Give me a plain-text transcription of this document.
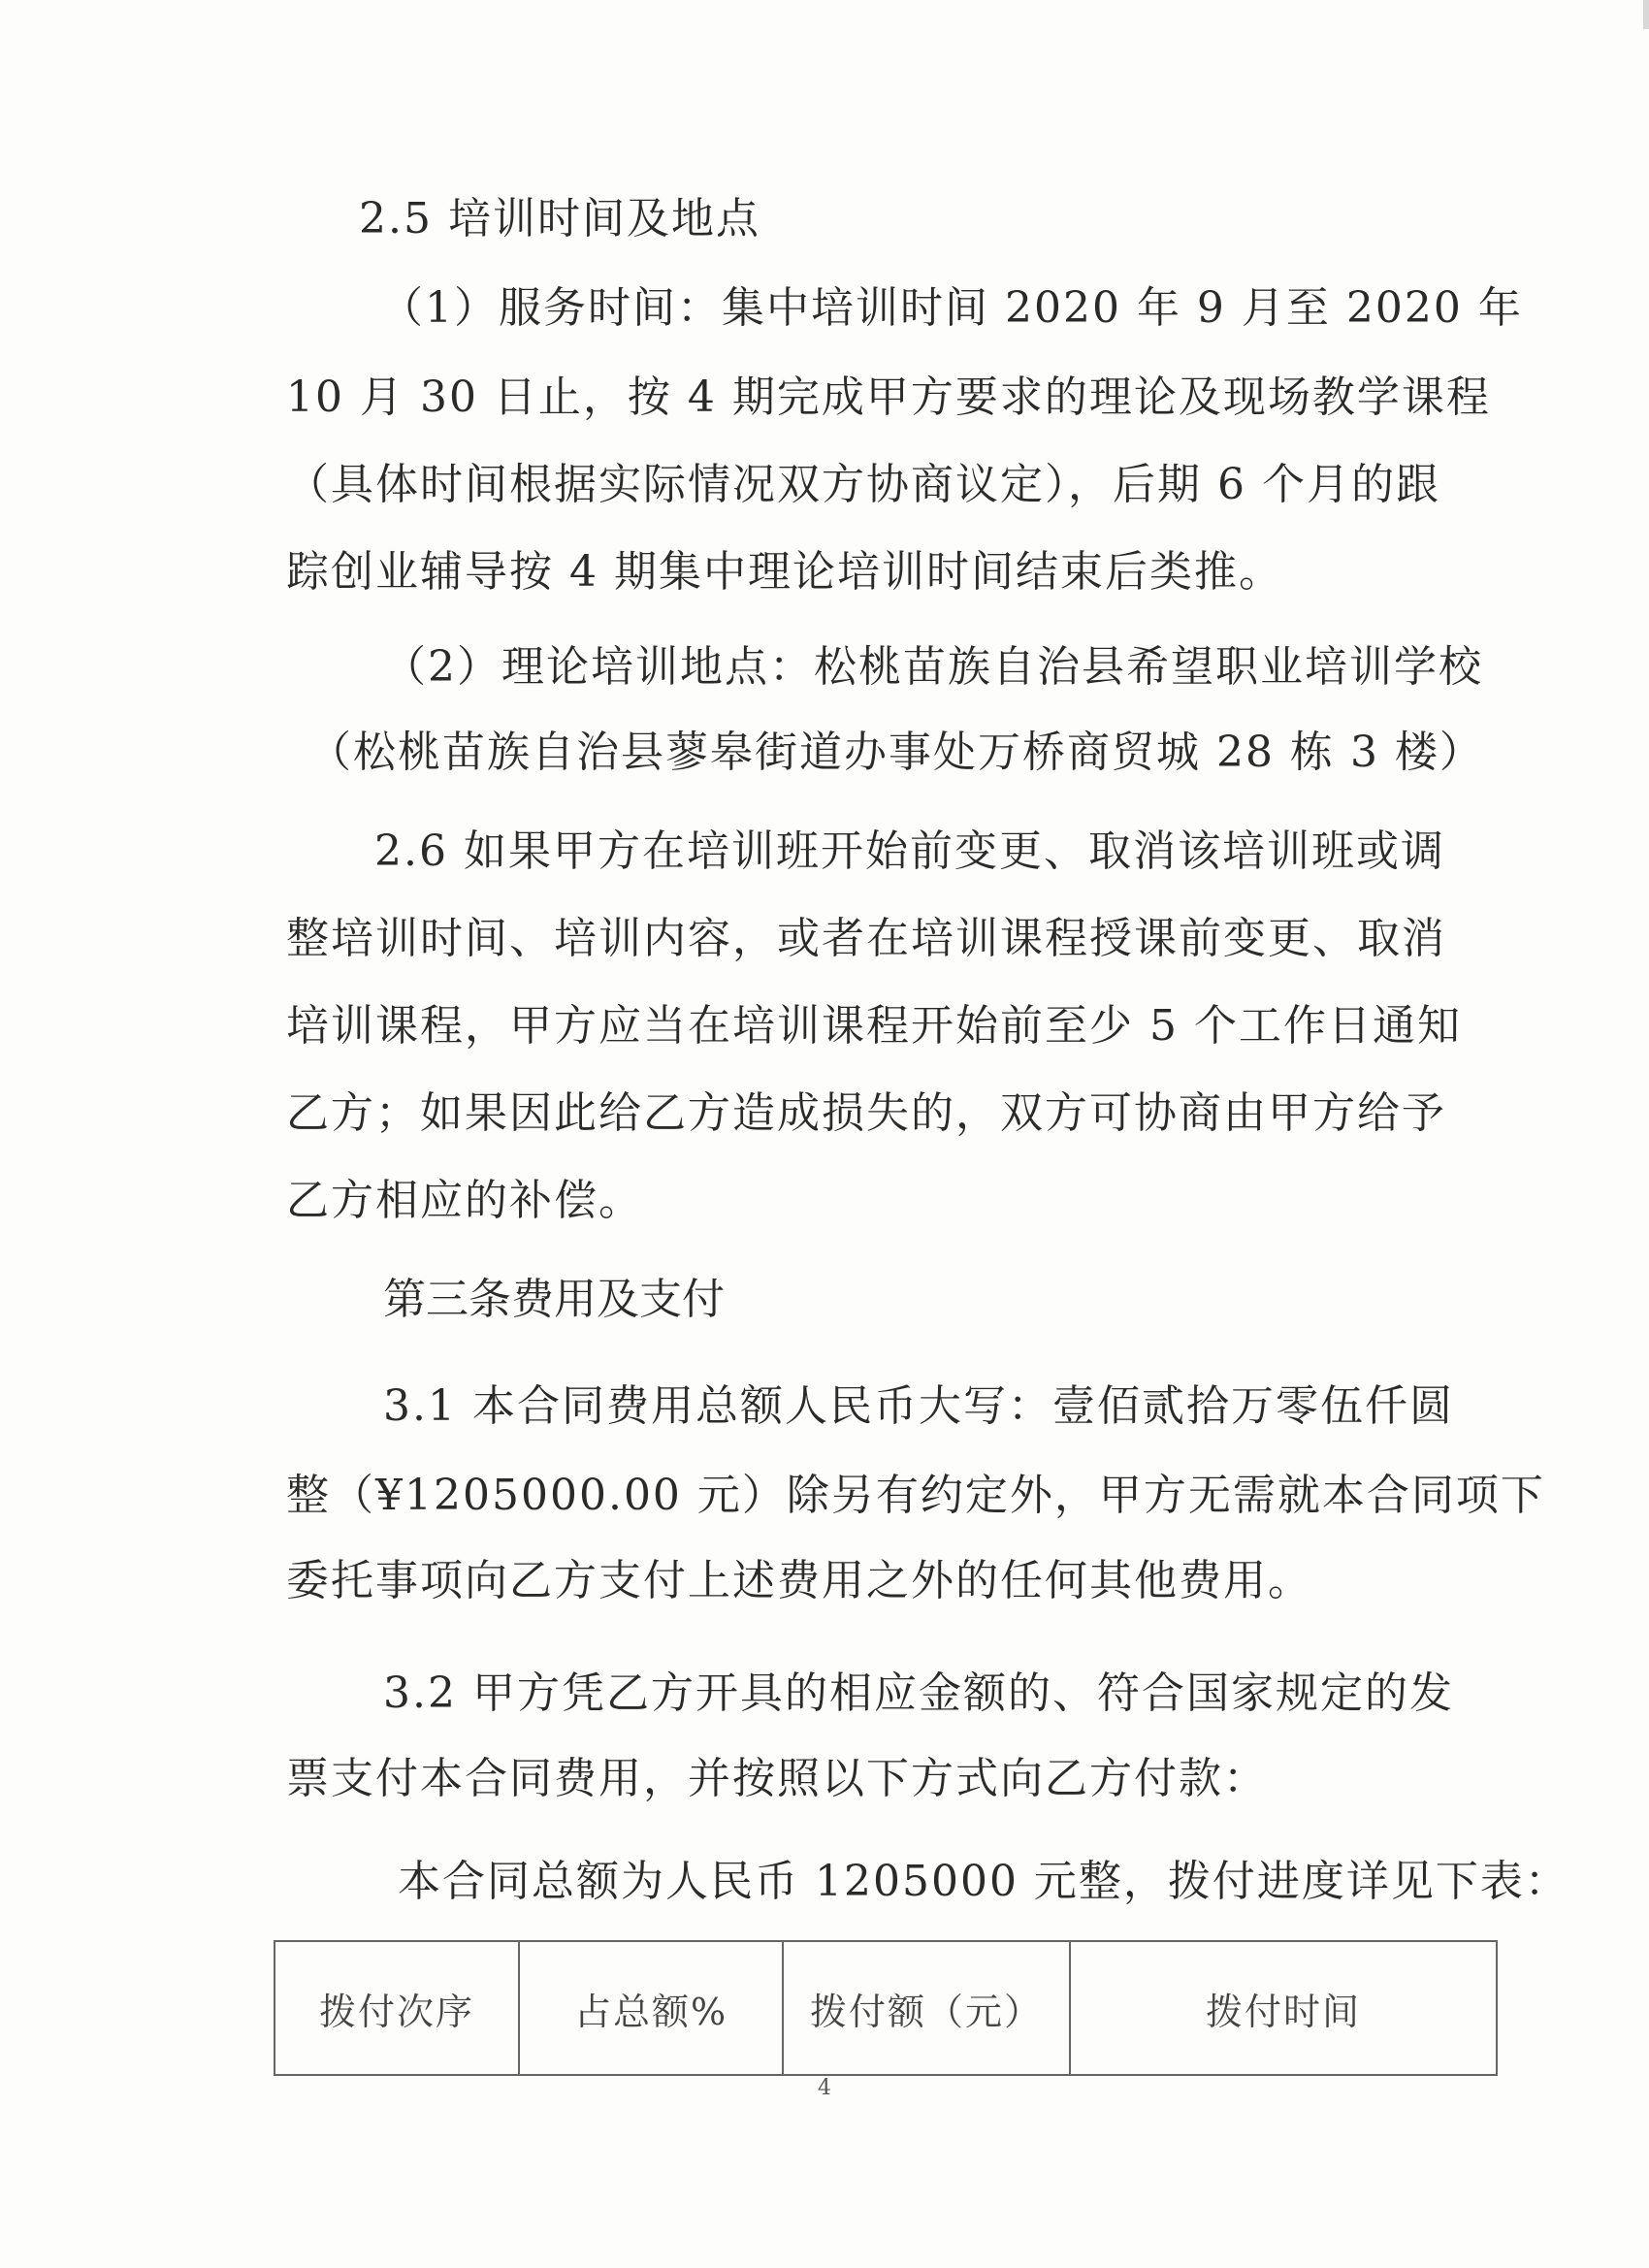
2.5 培训时间及地点
（1）服务时间：集中培训时间 2020 年 9 月至 2020 年
10 月 30 日止，按 4 期完成甲方要求的理论及现场教学课程
（具体时间根据实际情况双方协商议定），后期 6 个月的跟
踪创业辅导按 4 期集中理论培训时间结束后类推。
（2）理论培训地点：松桃苗族自治县希望职业培训学校
（松桃苗族自治县蓼皋街道办事处万桥商贸城 28 栋 3 楼）
2.6 如果甲方在培训班开始前变更、取消该培训班或调
整培训时间、培训内容，或者在培训课程授课前变更、取消
培训课程，甲方应当在培训课程开始前至少 5 个工作日通知
乙方；如果因此给乙方造成损失的，双方可协商由甲方给予
乙方相应的补偿。
第三条费用及支付
3.1 本合同费用总额人民币大写：壹佰贰拾万零伍仟圆
整（¥1205000.00 元）除另有约定外，甲方无需就本合同项下
委托事项向乙方支付上述费用之外的任何其他费用。
3.2 甲方凭乙方开具的相应金额的、符合国家规定的发
票支付本合同费用，并按照以下方式向乙方付款：
本合同总额为人民币 1205000 元整，拨付进度详见下表：
拨付次序	占总额%	拨付额（元）	拨付时间
4
